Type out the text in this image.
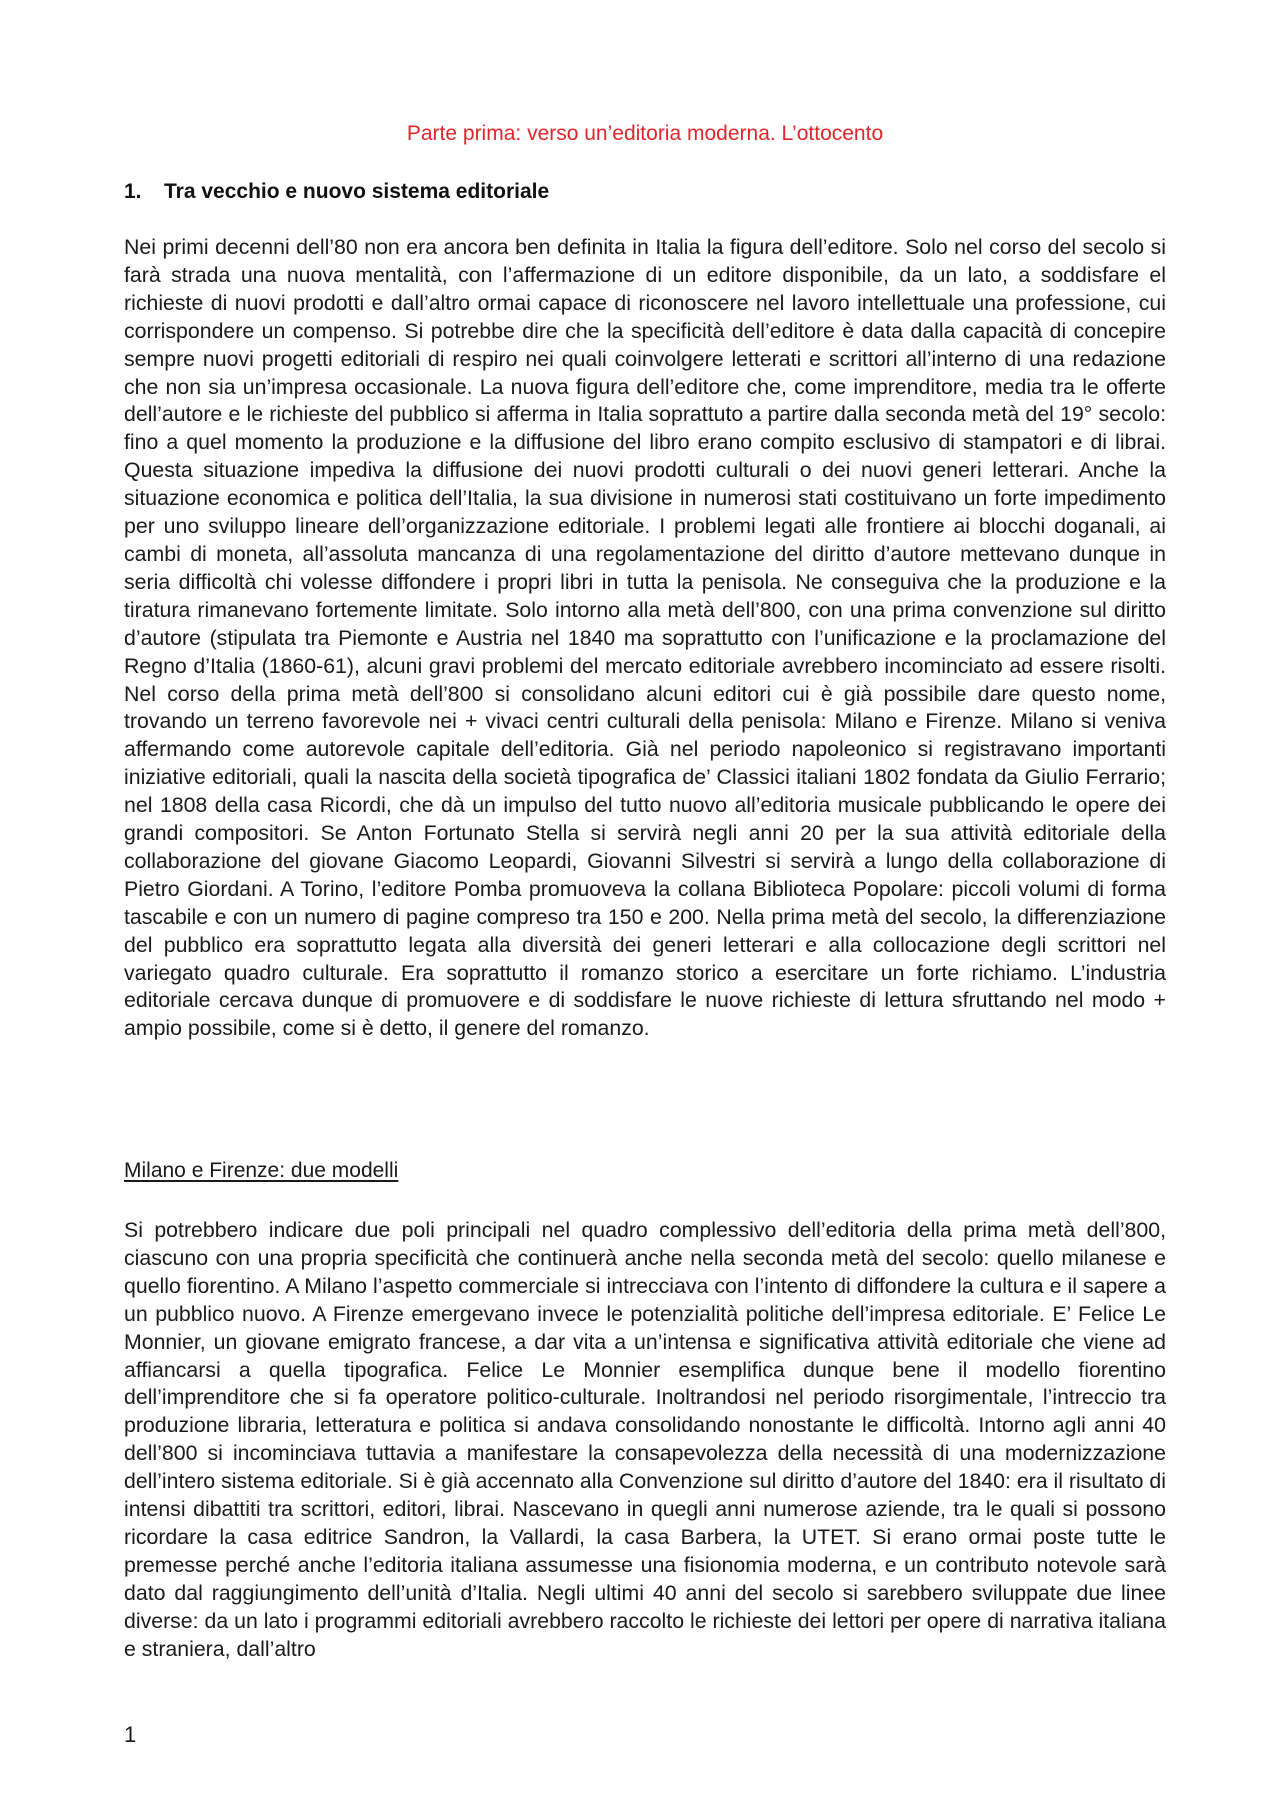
Parte prima: verso un’editoria moderna. L’ottocento
1. Tra vecchio e nuovo sistema editoriale

Nei primi decenni dell’80 non era ancora ben definita in Italia la figura dell’editore. Solo nel corso del secolo si farà strada una nuova mentalità, con l’affermazione di un editore disponibile, da un lato, a soddisfare el richieste di nuovi prodotti e dall’altro ormai capace di riconoscere nel lavoro intellettuale una professione, cui corrispondere un compenso. Si potrebbe dire che la specificità dell’editore è data dalla capacità di concepire sempre nuovi progetti editoriali di respiro nei quali coinvolgere letterati e scrittori all’interno di una redazione che non sia un’impresa occasionale. La nuova figura dell’editore che, come imprenditore, media tra le offerte dell’autore e le richieste del pubblico si afferma in Italia soprattuto a partire dalla seconda metà del 19° secolo: fino a quel momento la produzione e la diffusione del libro erano compito esclusivo di stampatori e di librai. Questa situazione impediva la diffusione dei nuovi prodotti culturali o dei nuovi generi letterari. Anche la situazione economica e politica dell’Italia, la sua divisione in numerosi stati costituivano un forte impedimento per uno sviluppo lineare dell’organizzazione editoriale. I problemi legati alle frontiere ai blocchi doganali, ai cambi di moneta, all’assoluta mancanza di una regolamentazione del diritto d’autore mettevano dunque in seria difficoltà chi volesse diffondere i propri libri in tutta la penisola. Ne conseguiva che la produzione e la tiratura rimanevano fortemente limitate. Solo intorno alla metà dell’800, con una prima convenzione sul diritto d’autore (stipulata tra Piemonte e Austria nel 1840 ma soprattutto con l’unificazione e la proclamazione del Regno d’Italia (1860-61), alcuni gravi problemi del mercato editoriale avrebbero incominciato ad essere risolti. Nel corso della prima metà dell’800 si consolidano alcuni editori cui è già possibile dare questo nome, trovando un terreno favorevole nei + vivaci centri culturali della penisola: Milano e Firenze. Milano si veniva affermando come autorevole capitale dell’editoria. Già nel periodo napoleonico si registravano importanti iniziative editoriali, quali la nascita della società tipografica de’ Classici italiani 1802 fondata da Giulio Ferrario; nel 1808 della casa Ricordi, che dà un impulso del tutto nuovo all’editoria musicale pubblicando le opere dei grandi compositori. Se Anton Fortunato Stella si servirà negli anni 20 per la sua attività editoriale della collaborazione del giovane Giacomo Leopardi, Giovanni Silvestri si servirà a lungo della collaborazione di Pietro Giordani. A Torino, l’editore Pomba promuoveva la collana Biblioteca Popolare: piccoli volumi di forma tascabile e con un numero di pagine compreso tra 150 e 200. Nella prima metà del secolo, la differenziazione del pubblico era soprattutto legata alla diversità dei generi letterari e alla collocazione degli scrittori nel variegato quadro culturale. Era soprattutto il romanzo storico a esercitare un forte richiamo. L’industria editoriale cercava dunque di promuovere e di soddisfare le nuove richieste di lettura sfruttando nel modo + ampio possibile, come si è detto, il genere del romanzo.

Milano e Firenze: due modelli

Si potrebbero indicare due poli principali nel quadro complessivo dell’editoria della prima metà dell’800, ciascuno con una propria specificità che continuerà anche nella seconda metà del secolo: quello milanese e quello fiorentino. A Milano l’aspetto commerciale si intrecciava con l’intento di diffondere la cultura e il sapere a un pubblico nuovo. A Firenze emergevano invece le potenzialità politiche dell’impresa editoriale. E’ Felice Le Monnier, un giovane emigrato francese, a dar vita a un’intensa e significativa attività editoriale che viene ad affiancarsi a quella tipografica. Felice Le Monnier esemplifica dunque bene il modello fiorentino dell’imprenditore che si fa operatore politico-culturale. Inoltrandosi nel periodo risorgimentale, l’intreccio tra produzione libraria, letteratura e politica si andava consolidando nonostante le difficoltà. Intorno agli anni 40 dell’800 si incominciava tuttavia a manifestare la consapevolezza della necessità di una modernizzazione dell’intero sistema editoriale. Si è già accennato alla Convenzione sul diritto d’autore del 1840: era il risultato di intensi dibattiti tra scrittori, editori, librai. Nascevano in quegli anni numerose aziende, tra le quali si possono ricordare la casa editrice Sandron, la Vallardi, la casa Barbera, la UTET. Si erano ormai poste tutte le premesse perché anche l’editoria italiana assumesse una fisionomia moderna, e un contributo notevole sarà dato dal raggiungimento dell’unità d’Italia. Negli ultimi 40 anni del secolo si sarebbero sviluppate due linee diverse: da un lato i programmi editoriali avrebbero raccolto le richieste dei lettori per opere di narrativa italiana e straniera, dall’altro

1
